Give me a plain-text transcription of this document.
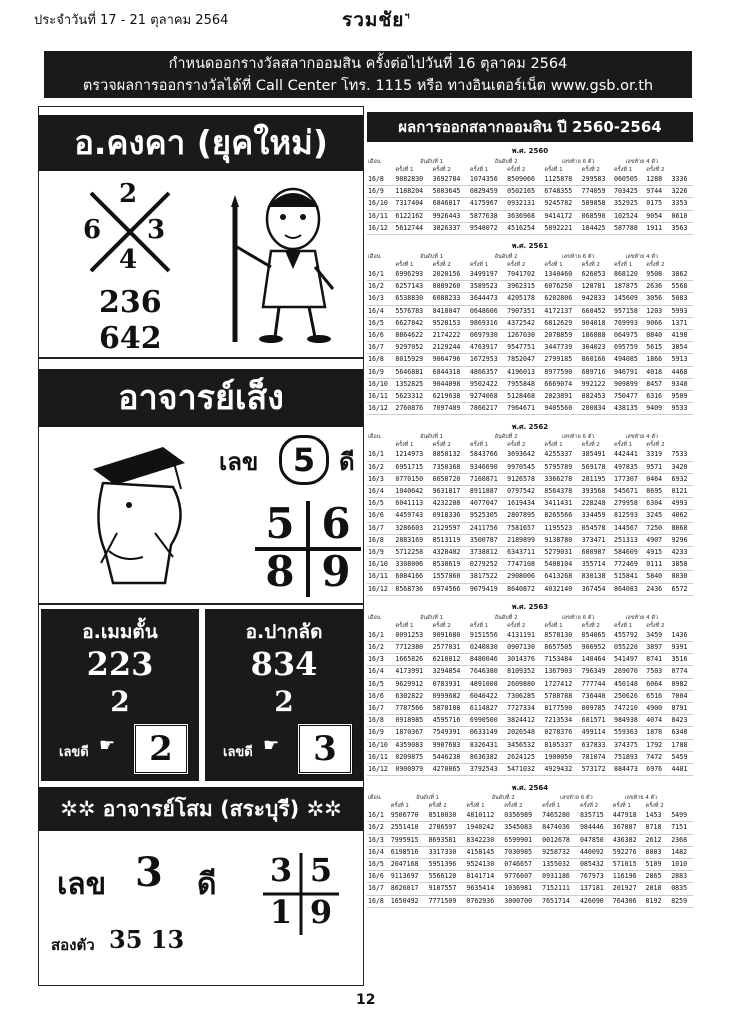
ประจำวันที่ 17 - 21 ตุลาคม 2564	รวมชัย$^ฯ$
กำหนดออกรางวัลสลากออมสิน ครั้งต่อไปวันที่ 16 ตุลาคม 2564
ตรวจผลการออกรางวัลได้ที่ Call Center โทร. 1115 หรือ ทางอินเตอร์เน็ต www.gsb.or.th
อ.คงคา (ยุคใหม่)
2
6 3
4
236
642
อาจารย์เส็ง
เลข	5 ดี
5 6
8 9
อ.เมมตั้น
223
2
เลขดี ☛	2
อ.ปากลัด
834
2
เลขดี ☛	3
✲✲ อาจารย์โสม (สระบุรี) ✲✲
เลข 3 ดี 3 5
1 9
สองตัว 35 13
ผลการออกสลากออมสิน ปี 2560-2564
พ.ศ. 2560									
เดือน	อันดับที่ 1		อันดับที่ 2		เลขท้าย 6 ตัว		เลขท้าย 4 ตัว		
	ครั้งที่ 1	ครั้งที่ 2	ครั้งที่ 1	ครั้งที่ 2	ครั้งที่ 1	ครั้งที่ 2	ครั้งที่ 1	ครั้งที่ 2	
16/8	9082830	3692784	1074356	8509066	1125878	299583	060505	1288	3336
16/9	1188204	5003645	0829459	0502165	6748355	774059	703425	9744	3226
16/10	7317404	6846017	4175967	0932131	9245782	509858	352925	0175	3353
16/11	6122162	9926443	5877638	3636968	9414172	068590	102524	9054	0610
16/12	5612744	3826337	9548072	4516254	5892221	184425	587788	1911	3563
พ.ศ. 2561									
เดือน	อันดับที่ 1		อันดับที่ 2		เลขท้าย 6 ตัว		เลขท้าย 4 ตัว		
	ครั้งที่ 1	ครั้งที่ 2	ครั้งที่ 1	ครั้งที่ 2	ครั้งที่ 1	ครั้งที่ 2	ครั้งที่ 1	ครั้งที่ 2	
16/1	6996293	2020156	3499197	7041702	1340460	626053	868120	9508	3862
16/2	6257143	0889260	3589523	3962315	6076250	128781	187875	2636	5568
16/3	6538830	6088233	3644473	4205178	6202806	942833	145609	3056	5083
16/4	5576783	8418047	0648606	7907351	4172137	660452	957158	1203	5993
16/5	6627842	9528153	9869316	4372542	6812629	904018	769993	9066	1371
16/6	8864622	2174222	0697930	1267030	2078859	186088	064975	0840	4198
16/7	9297052	2129244	4763917	9547751	3447739	304023	695759	5615	3854
16/8	8015929	9064796	1672953	7852047	2799185	860166	494085	1866	5913
16/9	5646881	6844318	4866357	4196013	8977590	689716	946791	4018	4468
16/10	1352825	9044098	9502422	7955848	6669074	992122	909899	8457	9348
16/11	5623312	6219638	9274068	5128468	2023891	882453	750477	6316	9509
16/12	2760876	7097409	7866217	7964671	9405560	200834	438135	9409	9533
พ.ศ. 2562									
เดือน	อันดับที่ 1		อันดับที่ 2		เลขท้าย 6 ตัว		เลขท้าย 4 ตัว		
	ครั้งที่ 1	ครั้งที่ 2	ครั้งที่ 1	ครั้งที่ 2	ครั้งที่ 1	ครั้งที่ 2	ครั้งที่ 1	ครั้งที่ 2	
16/1	1214973	8850132	5843766	3693642	4255337	385491	442441	3319	7533
16/2	6951715	7350368	9346690	9970545	5795789	569178	497835	9571	3420
16/3	0770150	0658720	7160871	9126578	3366278	281195	177307	0464	6932
16/4	1040642	9631817	8911887	0797542	8564378	393568	545671	8695	0121
16/5	6041113	4232288	4077047	1619434	3411431	228248	279958	6304	4993
16/6	4459743	0918336	9525305	2807895	8265566	334459	812593	3245	4062
16/7	3286603	2129597	2411756	7581657	1195523	054578	144567	7250	8068
16/8	2883169	8513119	3500787	2189899	9138780	373471	251313	4907	9296
16/9	5712258	4328402	3738812	6343711	5279031	600987	584609	4915	4233
16/10	3308006	8538619	0279252	7747108	5408104	355714	772469	0111	3850
16/11	6084166	1557860	3817522	2908006	6413268	830138	515841	5840	8030
16/12	8568736	6974566	9079419	8640872	4032140	367454	864083	2436	6572
พ.ศ. 2563									
เดือน	อันดับที่ 1		อันดับที่ 2		เลขท้าย 6 ตัว		เลขท้าย 4 ตัว		
	ครั้งที่ 1	ครั้งที่ 2	ครั้งที่ 1	ครั้งที่ 2	ครั้งที่ 1	ครั้งที่ 2	ครั้งที่ 1	ครั้งที่ 2	
16/1	0091253	9091680	9151556	4131191	8578130	054065	455792	3459	1436
16/2	7712380	2577031	0240830	0907130	8657505	906952	055220	3897	9391
16/3	1665826	6210012	8480046	3014376	7153484	140464	541497	8741	3516
16/4	4173991	3294854	7646380	8109352	1367903	796349	269070	7503	0774
16/5	9629912	0783931	4891008	2609880	1727412	777744	450148	6064	8982
16/6	6302822	0999682	6040422	7306285	5708788	736440	250626	6516	7004
16/7	7787566	5878100	6114827	7727334	8177590	009785	747210	4900	8791
16/8	0918985	4595716	6990500	3824412	7213534	681571	984938	4074	8423
16/9	1870367	7549391	0633149	2026548	0278376	499114	559363	1878	6340
16/10	4359083	9907683	8326431	3456532	8105337	637833	374375	1792	1788
16/11	0209875	5446238	8636382	2624125	1900050	781074	751893	7472	5459
16/12	0900979	4270065	3792543	5471032	4929432	573172	884473	6976	4481
พ.ศ. 2564									
เดือน	อันดับที่ 1		อันดับที่ 2		เลขท้าย 6 ตัว		เลขท้าย 4 ตัว		
	ครั้งที่ 1	ครั้งที่ 2	ครั้งที่ 1	ครั้งที่ 2	ครั้งที่ 1	ครั้งที่ 2	ครั้งที่ 1	ครั้งที่ 2	
16/1	9506770	8510030	4810112	0356989	7465280	835715	447918	1453	5499
16/2	2551410	2786597	1940242	3545083	8474036	984446	367087	8718	7151
16/3	7995915	8693581	8342230	6599901	0012678	047850	436382	2612	2368
16/4	6198516	3317330	4158145	7030985	9258732	440092	592276	8003	1482
16/5	2047168	5951396	9524130	0746657	1355032	085432	571015	5109	1010
16/6	9113697	5566120	8141714	9776607	0931186	767973	116196	2865	2883
16/7	8626017	9187557	9635414	1036981	7152111	137181	201927	2018	0835
16/8	1650492	7771509	0762936	3000700	7651714	426090	764306	8192	8259
12
